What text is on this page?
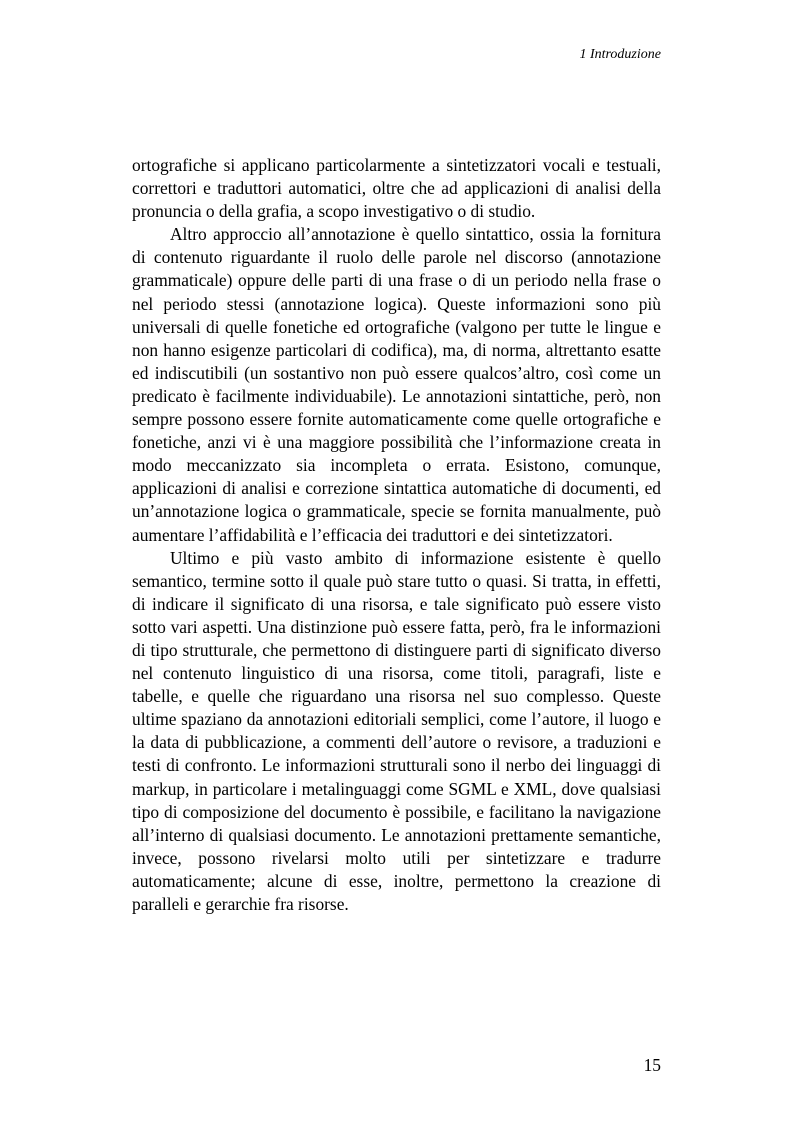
1 Introduzione

ortografiche si applicano particolarmente a sintetizzatori vocali e testuali, correttori e traduttori automatici, oltre che ad applicazioni di analisi della pronuncia o della grafia, a scopo investigativo o di studio.

Altro approccio all’annotazione è quello sintattico, ossia la fornitura di contenuto riguardante il ruolo delle parole nel discorso (annotazione grammaticale) oppure delle parti di una frase o di un periodo nella frase o nel periodo stessi (annotazione logica). Queste informazioni sono più universali di quelle fonetiche ed ortografiche (valgono per tutte le lingue e non hanno esigenze particolari di codifica), ma, di norma, altrettanto esatte ed indiscutibili (un sostantivo non può essere qualcos’altro, così come un predicato è facilmente individuabile). Le annotazioni sintattiche, però, non sempre possono essere fornite automaticamente come quelle ortografiche e fonetiche, anzi vi è una maggiore possibilità che l’informazione creata in modo meccanizzato sia incompleta o errata. Esistono, comunque, applicazioni di analisi e correzione sintattica automatiche di documenti, ed un’annotazione logica o grammaticale, specie se fornita manualmente, può aumentare l’affidabilità e l’efficacia dei traduttori e dei sintetizzatori.

Ultimo e più vasto ambito di informazione esistente è quello semantico, termine sotto il quale può stare tutto o quasi. Si tratta, in effetti, di indicare il significato di una risorsa, e tale significato può essere visto sotto vari aspetti. Una distinzione può essere fatta, però, fra le informazioni di tipo strutturale, che permettono di distinguere parti di significato diverso nel contenuto linguistico di una risorsa, come titoli, paragrafi, liste e tabelle, e quelle che riguardano una risorsa nel suo complesso. Queste ultime spaziano da annotazioni editoriali semplici, come l’autore, il luogo e la data di pubblicazione, a commenti dell’autore o revisore, a traduzioni e testi di confronto. Le informazioni strutturali sono il nerbo dei linguaggi di markup, in particolare i metalinguaggi come SGML e XML, dove qualsiasi tipo di composizione del documento è possibile, e facilitano la navigazione all’interno di qualsiasi documento. Le annotazioni prettamente semantiche, invece, possono rivelarsi molto utili per sintetizzare e tradurre automaticamente; alcune di esse, inoltre, permettono la creazione di paralleli e gerarchie fra risorse.

15
